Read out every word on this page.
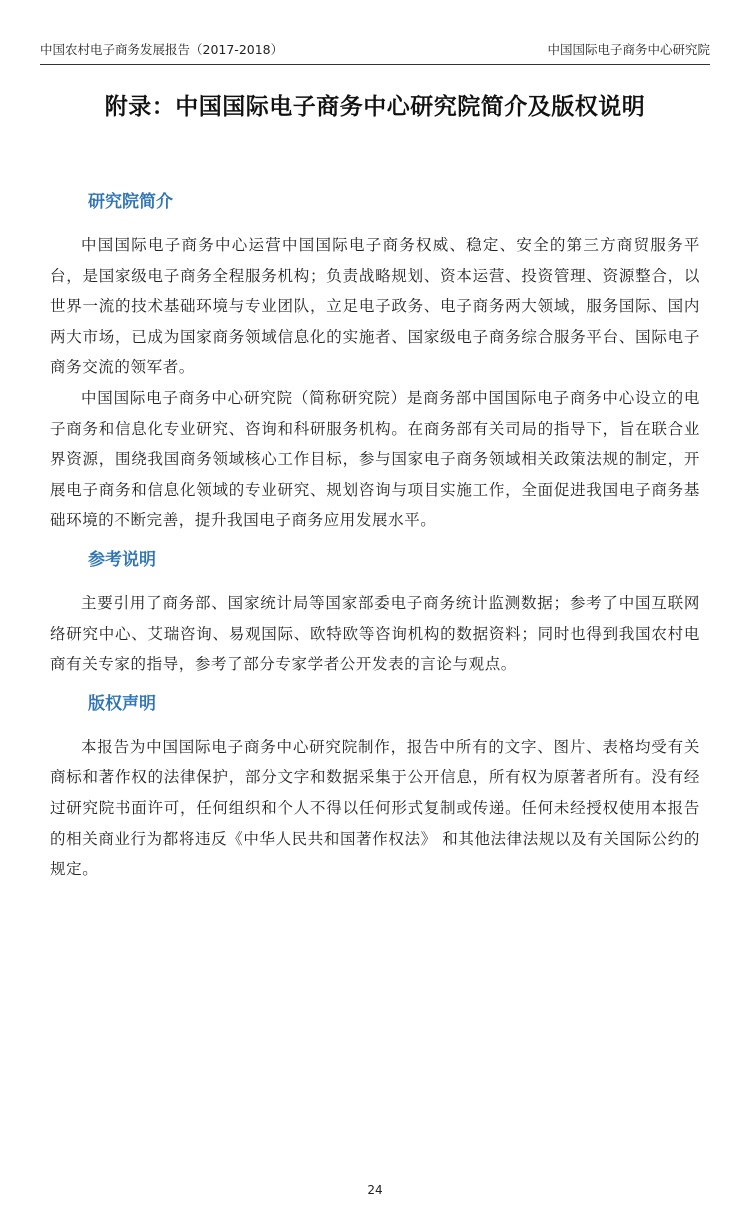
中国农村电子商务发展报告（2017-2018）	中国国际电子商务中心研究院
附录：中国国际电子商务中心研究院简介及版权说明
研究院简介

中国国际电子商务中心运营中国国际电子商务权威、稳定、安全的第三方商贸服务平台，是国家级电子商务全程服务机构；负责战略规划、资本运营、投资管理、资源整合，以世界一流的技术基础环境与专业团队，立足电子政务、电子商务两大领域，服务国际、国内两大市场，已成为国家商务领域信息化的实施者、国家级电子商务综合服务平台、国际电子商务交流的领军者。

中国国际电子商务中心研究院（简称研究院）是商务部中国国际电子商务中心设立的电子商务和信息化专业研究、咨询和科研服务机构。在商务部有关司局的指导下，旨在联合业界资源，围绕我国商务领域核心工作目标，参与国家电子商务领域相关政策法规的制定，开展电子商务和信息化领域的专业研究、规划咨询与项目实施工作，全面促进我国电子商务基础环境的不断完善，提升我国电子商务应用发展水平。

参考说明

主要引用了商务部、国家统计局等国家部委电子商务统计监测数据；参考了中国互联网络研究中心、艾瑞咨询、易观国际、欧特欧等咨询机构的数据资料；同时也得到我国农村电商有关专家的指导，参考了部分专家学者公开发表的言论与观点。

版权声明

本报告为中国国际电子商务中心研究院制作，报告中所有的文字、图片、表格均受有关商标和著作权的法律保护，部分文字和数据采集于公开信息，所有权为原著者所有。没有经过研究院书面许可，任何组织和个人不得以任何形式复制或传递。任何未经授权使用本报告的相关商业行为都将违反《中华人民共和国著作权法》 和其他法律法规以及有关国际公约的规定。

24
